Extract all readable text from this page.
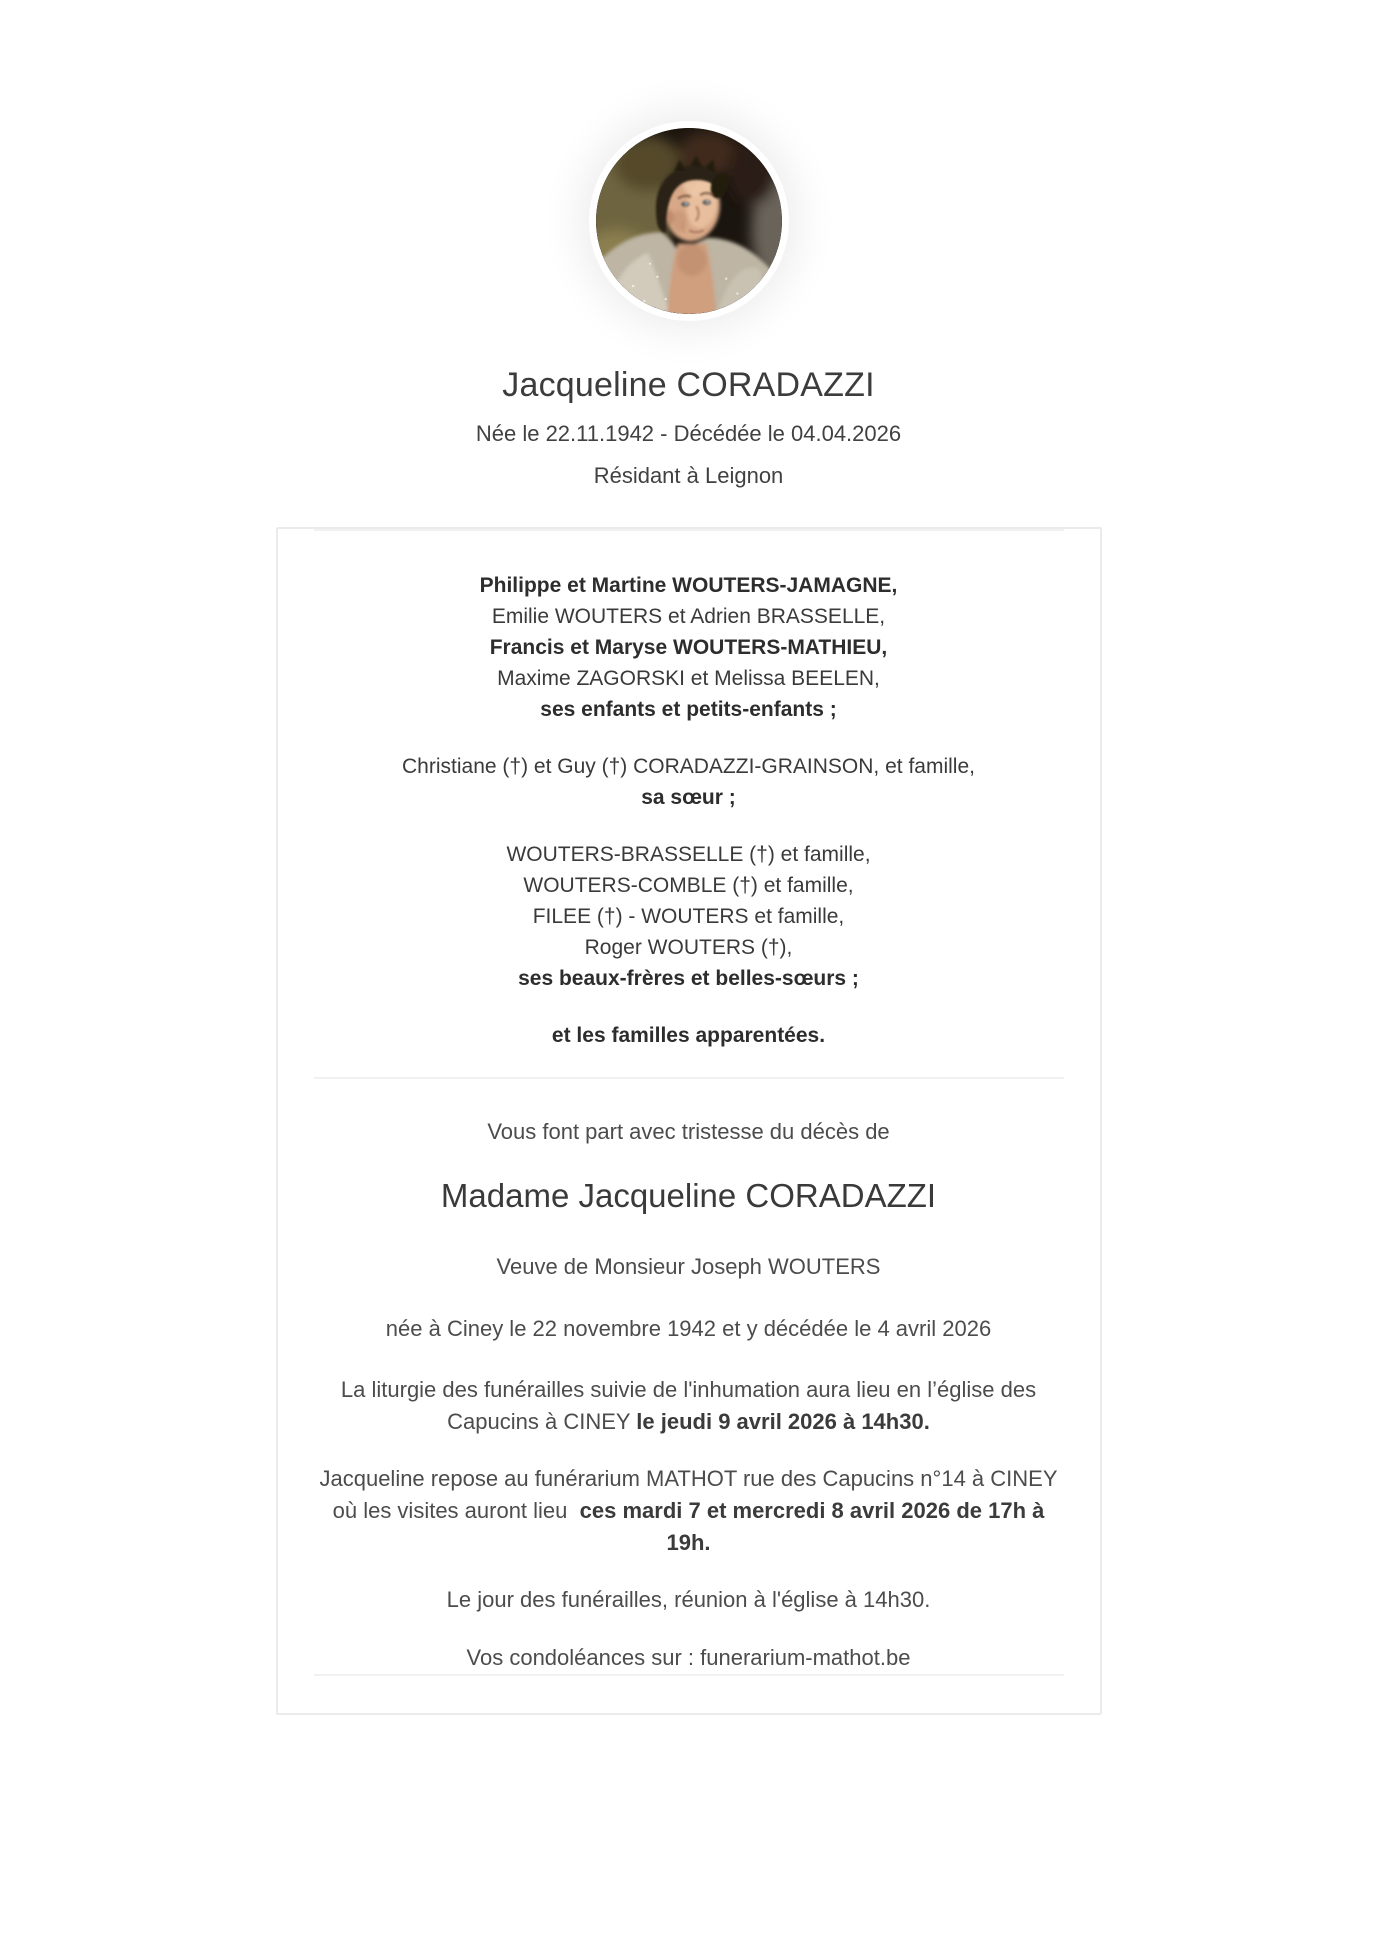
Jacqueline CORADAZZI

Née le 22.11.1942 - Décédée le 04.04.2026

Résidant à Leignon

Philippe et Martine WOUTERS-JAMAGNE,

Emilie WOUTERS et Adrien BRASSELLE,

Francis et Maryse WOUTERS-MATHIEU,

Maxime ZAGORSKI et Melissa BEELEN,

ses enfants et petits-enfants ;

Christiane (†) et Guy (†) CORADAZZI-GRAINSON, et famille,

sa sœur ;

WOUTERS-BRASSELLE (†) et famille,

WOUTERS-COMBLE (†) et famille,

FILEE (†) - WOUTERS et famille,

Roger WOUTERS (†),

ses beaux-frères et belles-sœurs ;

et les familles apparentées.

Vous font part avec tristesse du décès de

Madame Jacqueline CORADAZZI

Veuve de Monsieur Joseph WOUTERS

née à Ciney le 22 novembre 1942 et y décédée le 4 avril 2026

La liturgie des funérailles suivie de l'inhumation aura lieu en l’église des Capucins à CINEY le jeudi 9 avril 2026 à 14h30.

Jacqueline repose au funérarium MATHOT rue des Capucins n°14 à CINEY où les visites auront lieu  ces mardi 7 et mercredi 8 avril 2026 de 17h à 19h.

Le jour des funérailles, réunion à l'église à 14h30.

Vos condoléances sur : funerarium-mathot.be
